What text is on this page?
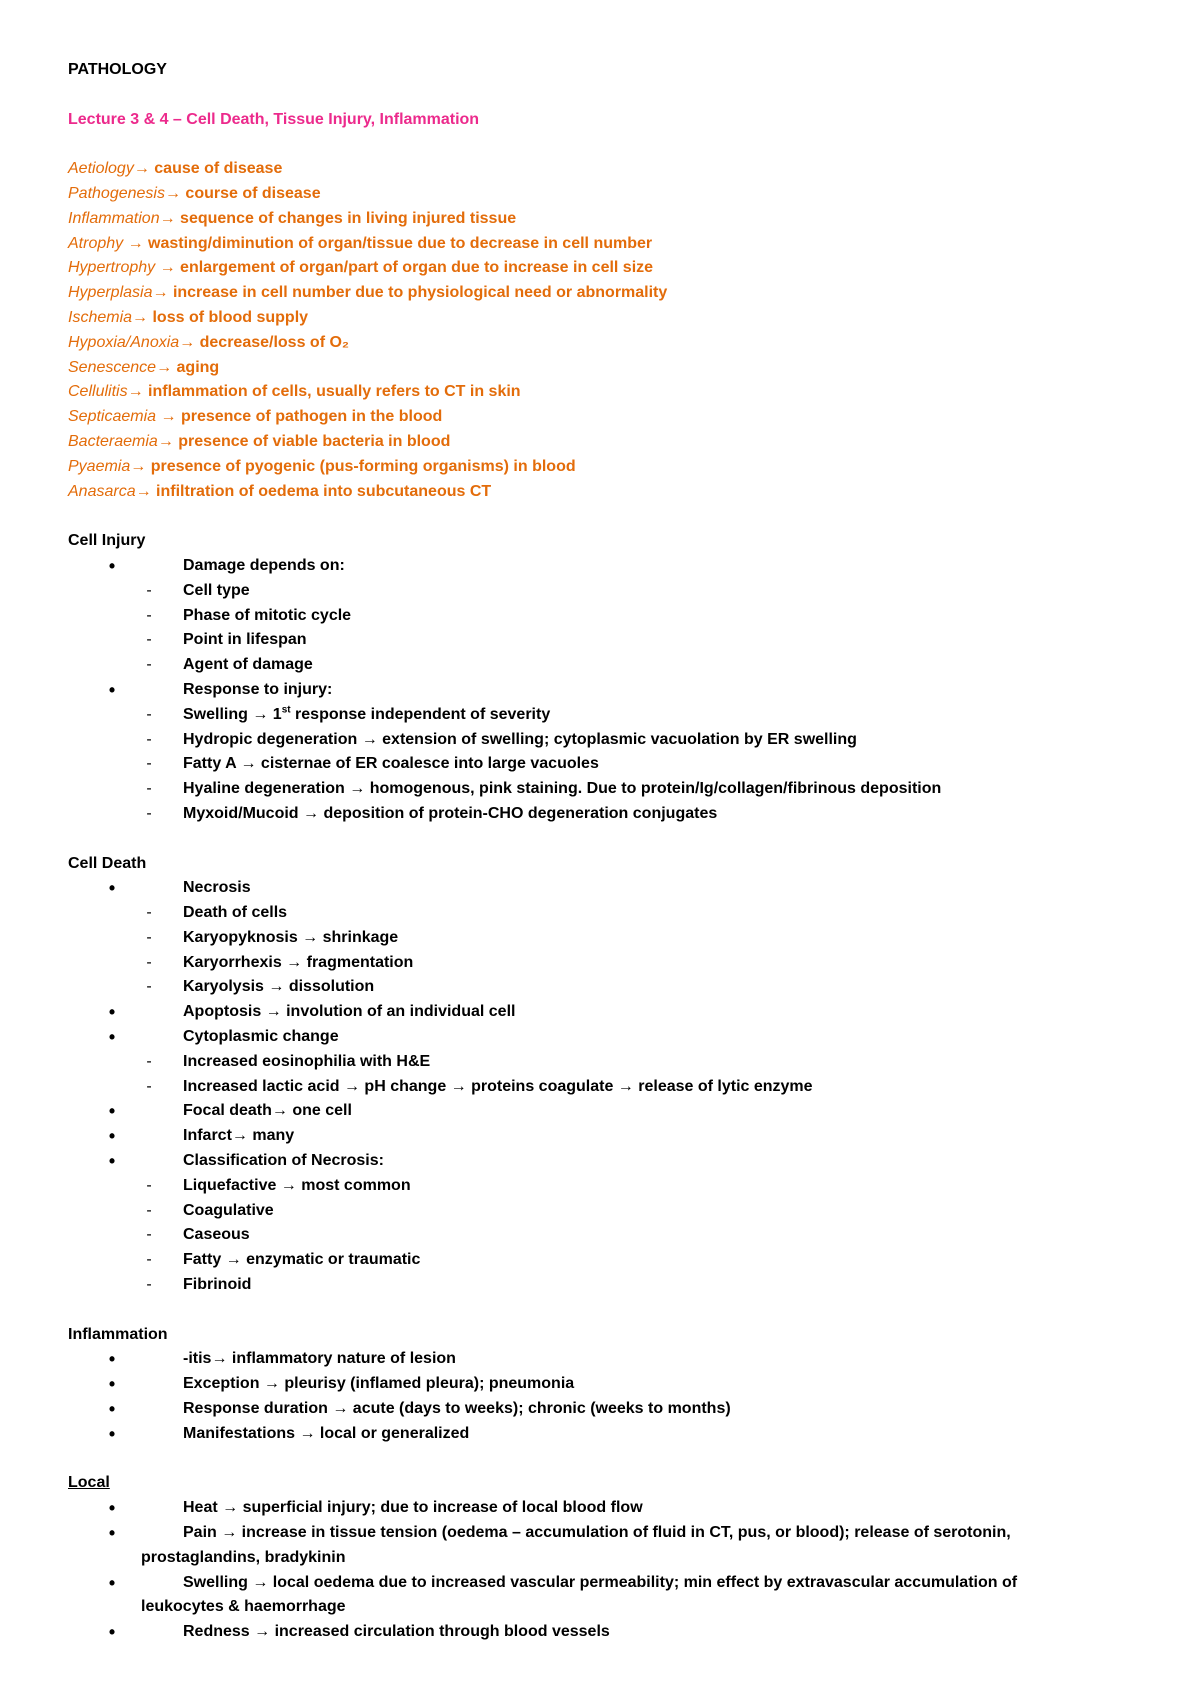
PATHOLOGY
Lecture 3 & 4 – Cell Death, Tissue Injury, Inflammation
Aetiology→ cause of disease
Pathogenesis→ course of disease
Inflammation→ sequence of changes in living injured tissue
Atrophy → wasting/diminution of organ/tissue due to decrease in cell number
Hypertrophy → enlargement of organ/part of organ due to increase in cell size
Hyperplasia→ increase in cell number due to physiological need or abnormality
Ischemia→ loss of blood supply
Hypoxia/Anoxia→ decrease/loss of O₂
Senescence→ aging
Cellulitis→ inflammation of cells, usually refers to CT in skin
Septicaemia → presence of pathogen in the blood
Bacteraemia→ presence of viable bacteria in blood
Pyaemia→ presence of pyogenic (pus-forming organisms) in blood
Anasarca→ infiltration of oedema into subcutaneous CT
Cell Injury
•	Damage depends on:
-	Cell type
-	Phase of mitotic cycle
-	Point in lifespan
-	Agent of damage
•	Response to injury:
-	Swelling → 1st response independent of severity
-	Hydropic degeneration → extension of swelling; cytoplasmic vacuolation by ER swelling
-	Fatty A → cisternae of ER coalesce into large vacuoles
-	Hyaline degeneration → homogenous, pink staining. Due to protein/Ig/collagen/fibrinous deposition
-	Myxoid/Mucoid → deposition of protein-CHO degeneration conjugates
Cell Death
•	Necrosis
-	Death of cells
-	Karyopyknosis → shrinkage
-	Karyorrhexis → fragmentation
-	Karyolysis → dissolution
•	Apoptosis → involution of an individual cell
•	Cytoplasmic change
-	Increased eosinophilia with H&E
-	Increased lactic acid → pH change → proteins coagulate → release of lytic enzyme
•	Focal death→ one cell
•	Infarct→ many
•	Classification of Necrosis:
-	Liquefactive → most common
-	Coagulative
-	Caseous
-	Fatty → enzymatic or traumatic
-	Fibrinoid
Inflammation
•	-itis→ inflammatory nature of lesion
•	Exception → pleurisy (inflamed pleura); pneumonia
•	Response duration → acute (days to weeks); chronic (weeks to months)
•	Manifestations → local or generalized
Local
•	Heat → superficial injury; due to increase of local blood flow
•	Pain → increase in tissue tension (oedema – accumulation of fluid in CT, pus, or blood); release of serotonin,
prostaglandins, bradykinin
•	Swelling → local oedema due to increased vascular permeability; min effect by extravascular accumulation of
leukocytes & haemorrhage
•	Redness → increased circulation through blood vessels
